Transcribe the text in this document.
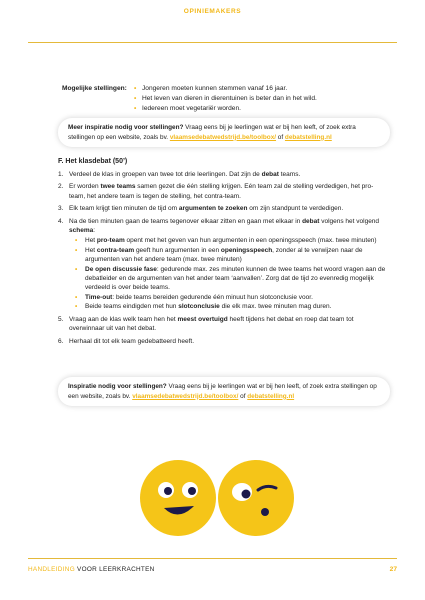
OPINIEMAKERS
Mogelijke stellingen: • Jongeren moeten kunnen stemmen vanaf 16 jaar.
• Het leven van dieren in dierentuinen is beter dan in het wild.
• Iedereen moet vegetariër worden.
Meer inspiratie nodig voor stellingen? Vraag eens bij je leerlingen wat er bij hen leeft, of zoek extra stellingen op een website, zoals bv. vlaamsedebatwedstrijd.be/toolbox/ of debatstelling.nl
F. Het klasdebat (50’)
1. Verdeel de klas in groepen van twee tot drie leerlingen. Dat zijn de debat teams.
2. Er worden twee teams samen gezet die één stelling krijgen. Eén team zal de stelling verdedigen, het pro-team, het andere team is tegen de stelling, het contra-team.
3. Elk team krijgt tien minuten de tijd om argumenten te zoeken om zijn standpunt te verdedigen.
4. Na de tien minuten gaan de teams tegenover elkaar zitten en gaan met elkaar in debat volgens het volgend schema:
• Het pro-team opent met het geven van hun argumenten in een openingsspeech (max. twee minuten)
• Het contra-team geeft hun argumenten in een openingsspeech, zonder al te verwijzen naar de argumenten van het andere team (max. twee minuten)
• De open discussie fase: gedurende max. zes minuten kunnen de twee teams het woord vragen aan de debatleider en de argumenten van het ander team ‘aanvallen’. Zorg dat de tijd zo evenredig mogelijk verdeeld is over beide teams.
• Time-out: beide teams bereiden gedurende één minuut hun slotconclusie voor.
• Beide teams eindigden met hun slotconclusie die elk max. twee minuten mag duren.
5. Vraag aan de klas welk team hen het meest overtuigd heeft tijdens het debat en roep dat team tot overwinnaar uit van het debat.
6. Herhaal dit tot elk team gedebatteerd heeft.
Inspiratie nodig voor stellingen? Vraag eens bij je leerlingen wat er bij hen leeft, of zoek extra stellingen op een website, zoals bv. vlaamsedebatwedstrijd.be/toolbox/ of debatstelling.nl
HANDLEIDING VOOR LEERKRACHTEN	27
